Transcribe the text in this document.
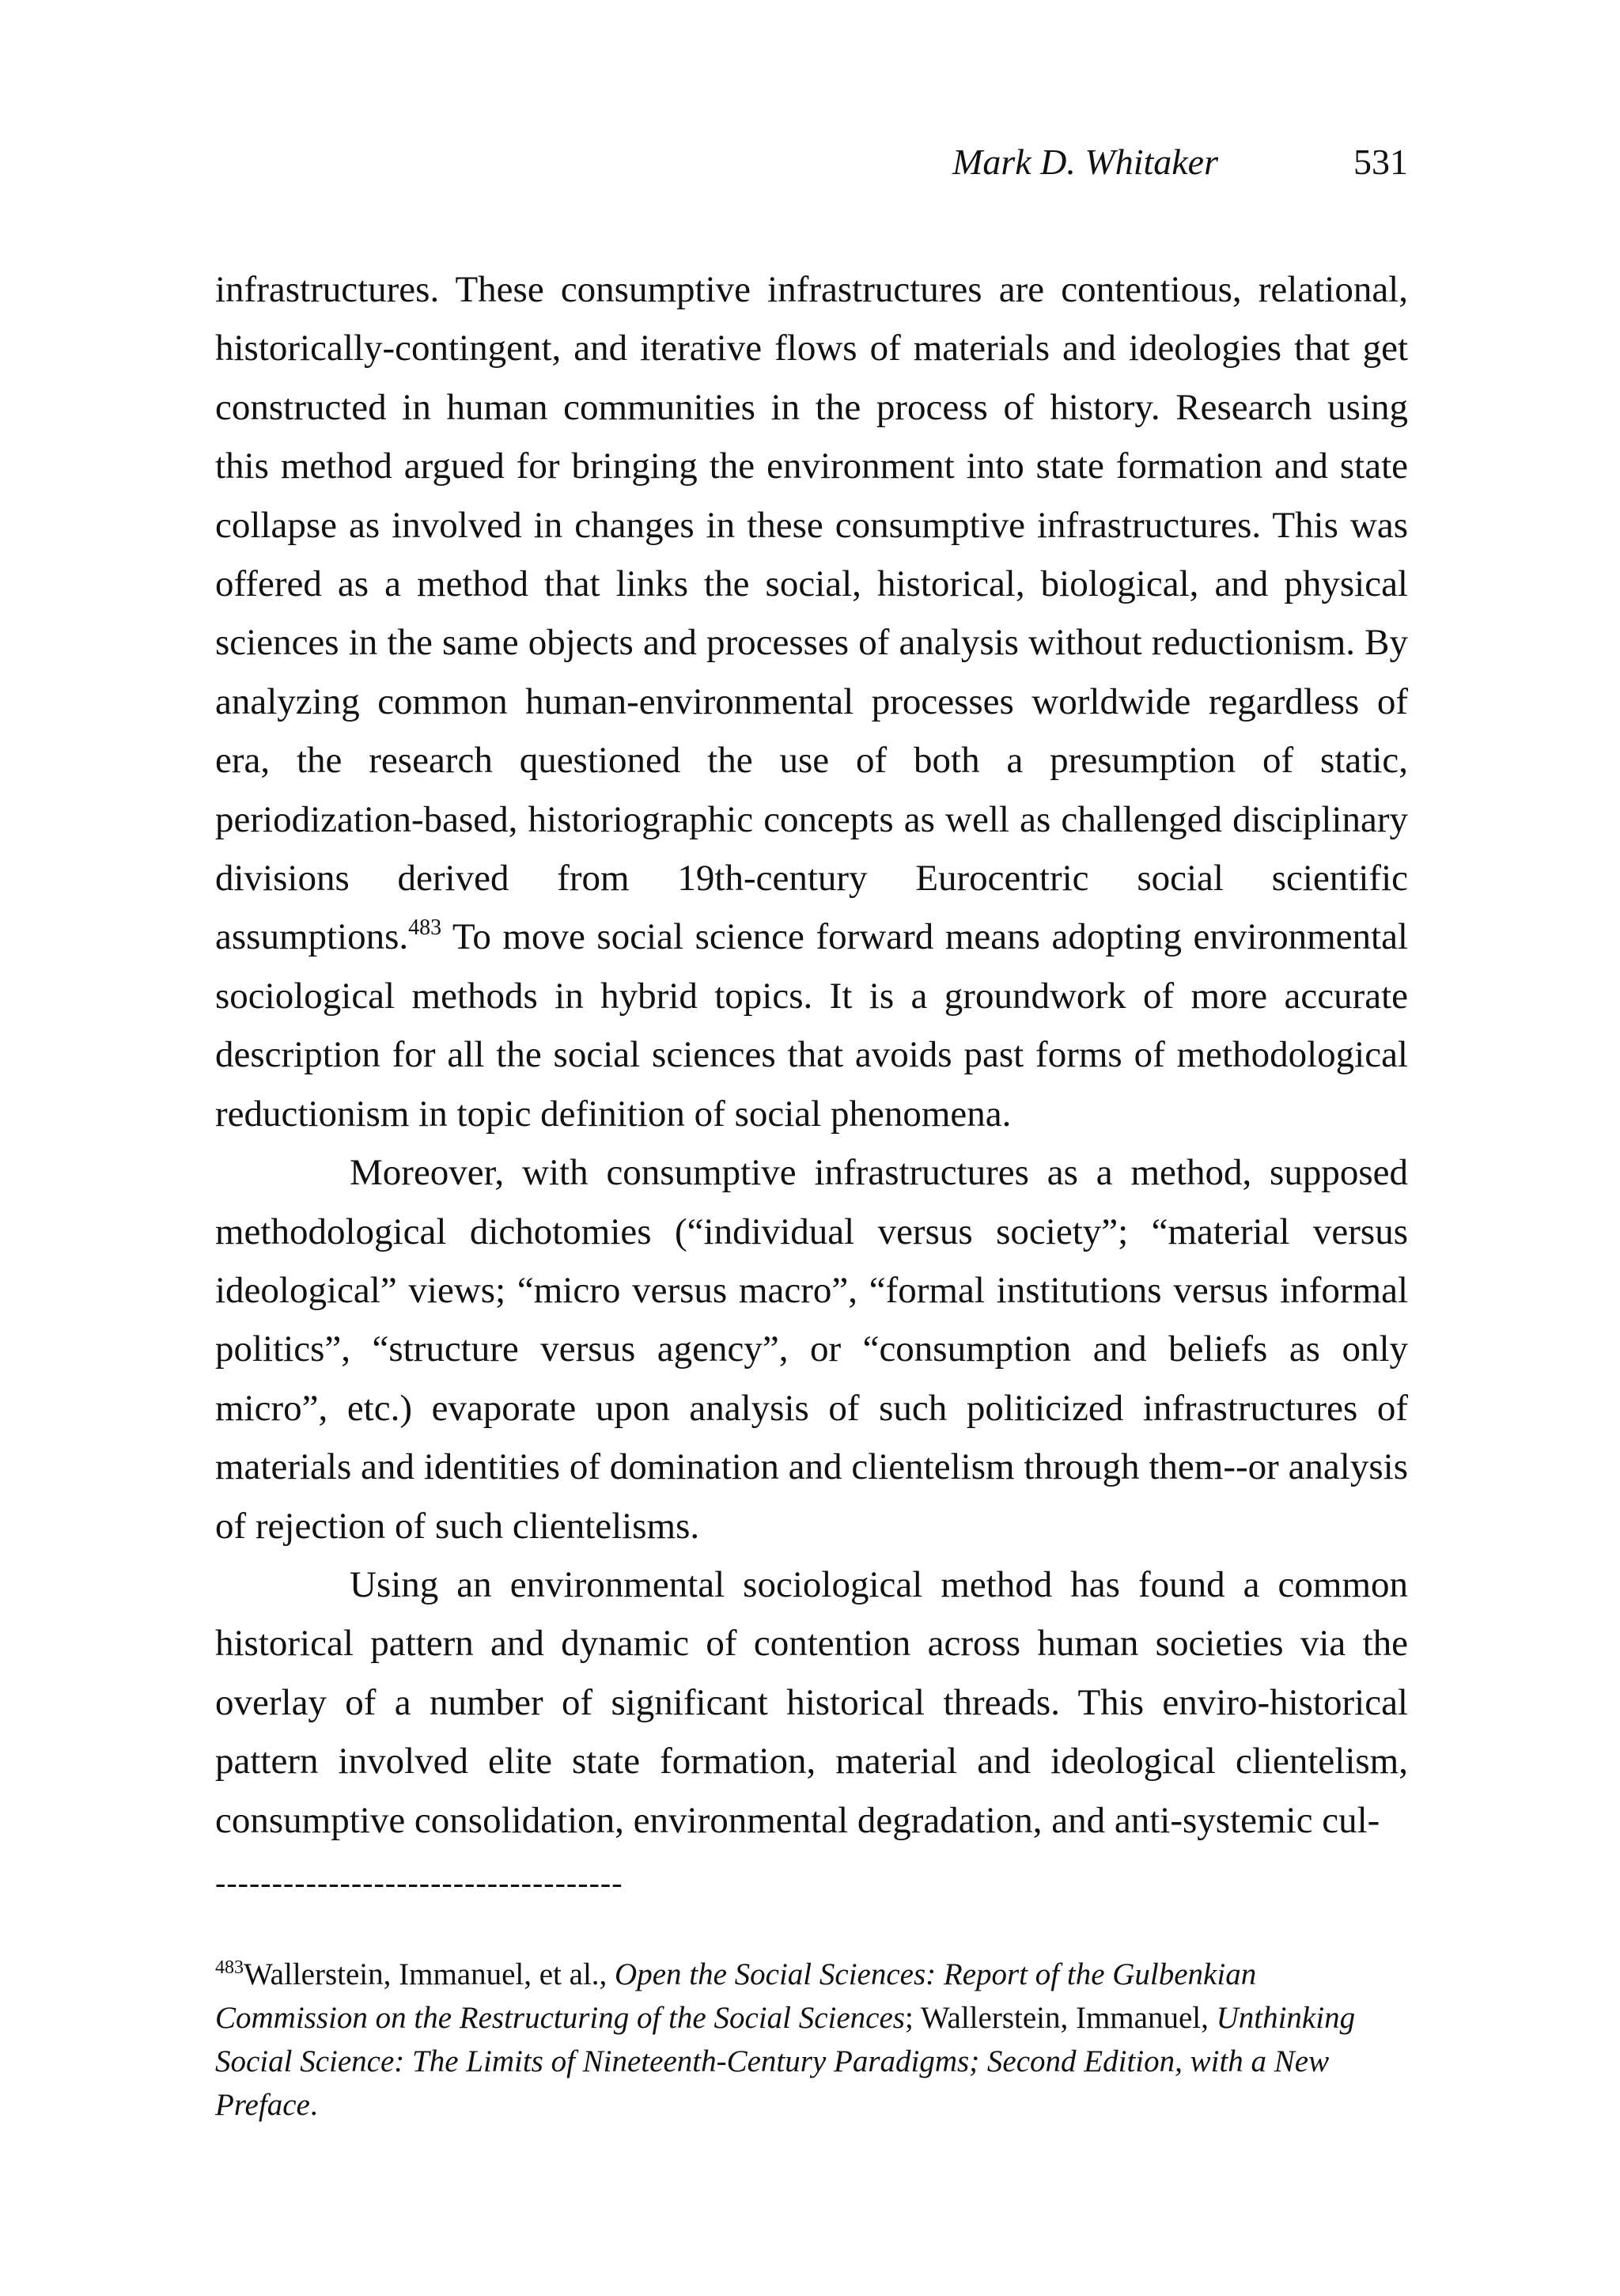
Mark D. Whitaker	531

infrastructures. These consumptive infrastructures are contentious, relational, historically-contingent, and iterative flows of materials and ideologies that get constructed in human communities in the process of history. Research using this method argued for bringing the environment into state formation and state collapse as involved in changes in these consumptive infrastructures. This was offered as a method that links the social, historical, biological, and physical sciences in the same objects and processes of analysis without reductionism. By analyzing common human-environmental processes worldwide regardless of era, the research questioned the use of both a presumption of static, periodization-based, historiographic concepts as well as challenged disciplinary divisions derived from 19th-century Eurocentric social scientific assumptions.$^{483}$ To move social science forward means adopting environmental sociological methods in hybrid topics. It is a groundwork of more accurate description for all the social sciences that avoids past forms of methodological reductionism in topic definition of social phenomena.

Moreover, with consumptive infrastructures as a method, supposed methodological dichotomies (“individual versus society”; “material versus ideological” views; “micro versus macro”, “formal institutions versus informal politics”, “structure versus agency”, or “consumption and beliefs as only micro”, etc.) evaporate upon analysis of such politicized infrastructures of materials and identities of domination and clientelism through them--or analysis of rejection of such clientelisms.

Using an environmental sociological method has found a common historical pattern and dynamic of contention across human societies via the overlay of a number of significant historical threads. This enviro-historical pattern involved elite state formation, material and ideological clientelism, consumptive consolidation, environmental degradation, and anti-systemic cul-

------------------------------------
$^{483}$Wallerstein, Immanuel, et al., Open the Social Sciences: Report of the Gulbenkian Commission on the Restructuring of the Social Sciences; Wallerstein, Immanuel, Unthinking Social Science: The Limits of Nineteenth-Century Paradigms; Second Edition, with a New Preface.
